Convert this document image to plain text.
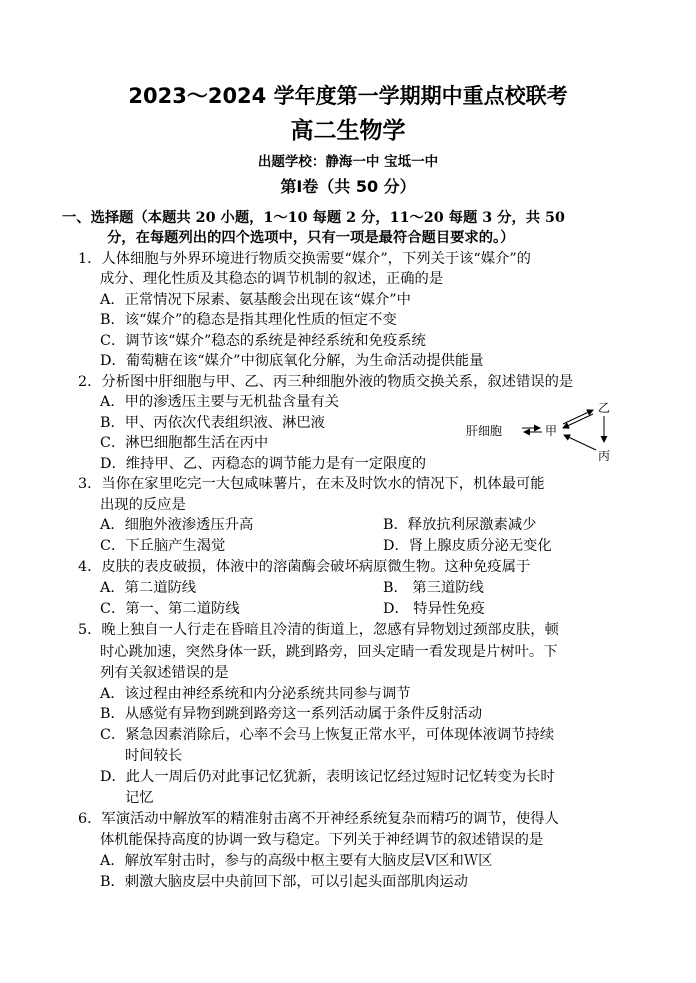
2023～2024 学年度第一学期期中重点校联考
高二生物学
出题学校：静海一中 宝坻一中
第Ⅰ卷（共 50 分）
一、选择题（本题共 20 小题，1～10 每题 2 分，11～20 每题 3 分，共 50
分，在每题列出的四个选项中，只有一项是最符合题目要求的。）
1．人体细胞与外界环境进行物质交换需要“媒介”，下列关于该“媒介”的
成分、理化性质及其稳态的调节机制的叙述，正确的是
A．正常情况下尿素、氨基酸会出现在该“媒介”中
B．该“媒介”的稳态是指其理化性质的恒定不变
C．调节该“媒介”稳态的系统是神经系统和免疫系统
D．葡萄糖在该“媒介”中彻底氧化分解，为生命活动提供能量
2．分析图中肝细胞与甲、乙、丙三种细胞外液的物质交换关系，叙述错误的是
A．甲的渗透压主要与无机盐含量有关
B．甲、丙依次代表组织液、淋巴液
C．淋巴细胞都生活在丙中
D．维持甲、乙、丙稳态的调节能力是有一定限度的
肝细胞	甲
乙
丙
3．当你在家里吃完一大包咸味薯片，在未及时饮水的情况下，机体最可能
出现的反应是
A．细胞外液渗透压升高	B．释放抗利尿激素减少
C．下丘脑产生渴觉	D．肾上腺皮质分泌无变化
4．皮肤的表皮破损，体液中的溶菌酶会破坏病原微生物。这种免疫属于
A．第二道防线	B． 第三道防线
C．第一、第二道防线	D． 特异性免疫
5．晚上独自一人行走在昏暗且冷清的街道上，忽感有异物划过颈部皮肤，顿
时心跳加速，突然身体一跃，跳到路旁，回头定睛一看发现是片树叶。下
列有关叙述错误的是
A．该过程由神经系统和内分泌系统共同参与调节
B．从感觉有异物到跳到路旁这一系列活动属于条件反射活动
C．紧急因素消除后，心率不会马上恢复正常水平，可体现体液调节持续
时间较长
D．此人一周后仍对此事记忆犹新，表明该记忆经过短时记忆转变为长时
记忆
6．军演活动中解放军的精准射击离不开神经系统复杂而精巧的调节，使得人
体机能保持高度的协调一致与稳定。下列关于神经调节的叙述错误的是
A．解放军射击时，参与的高级中枢主要有大脑皮层Ⅴ区和Ｗ区
B．刺激大脑皮层中央前回下部，可以引起头面部肌肉运动
